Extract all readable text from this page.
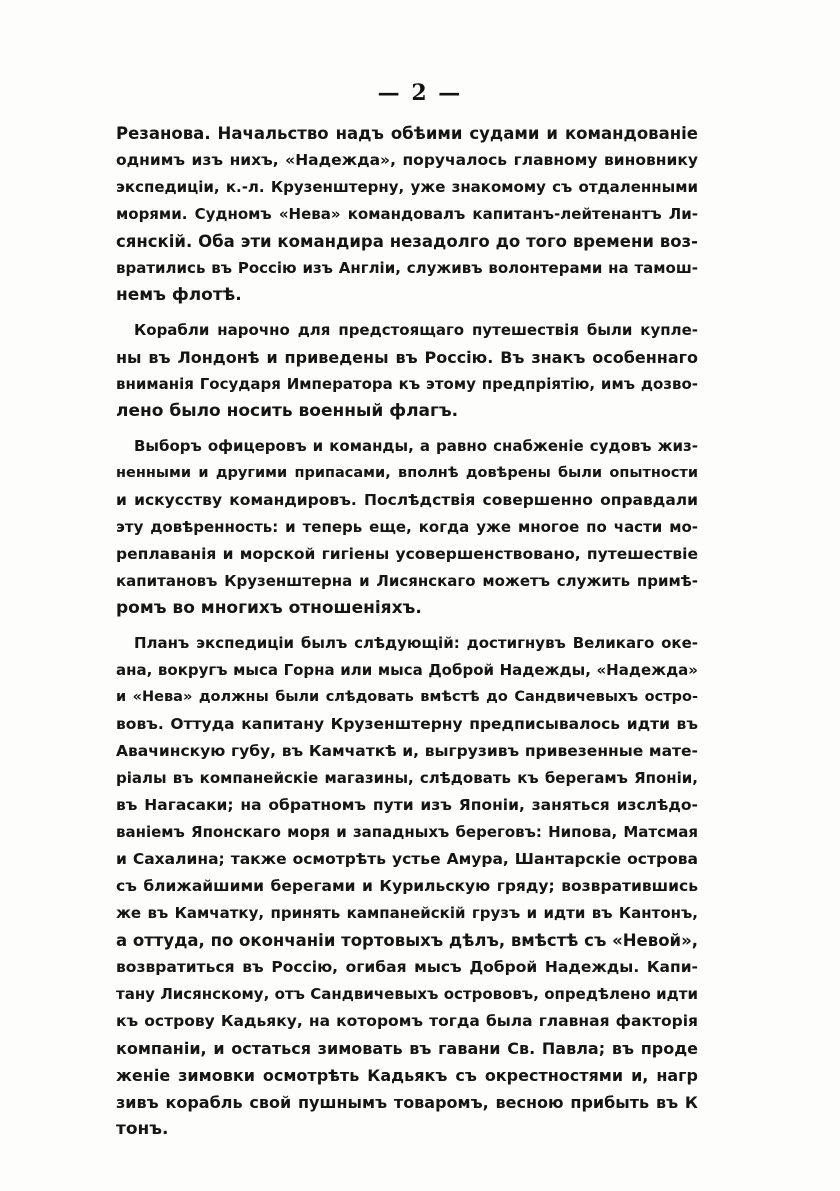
— 2 —
Резанова. Начальство надъ обѣими судами и командованіе
однимъ изъ нихъ, «Надежда», поручалось главному виновнику
экспедиціи, к.-л. Крузенштерну, уже знакомому съ отдаленными
морями. Судномъ «Нева» командовалъ капитанъ-лейтенантъ Ли-
сянскій. Оба эти командира незадолго до того времени воз-
вратились въ Россію изъ Англіи, служивъ волонтерами на тамош-
немъ флотѣ.
Корабли нарочно для предстоящаго путешествія были купле-
ны въ Лондонѣ и приведены въ Россію. Въ знакъ особеннаго
вниманія Государя Императора къ этому предпріятію, имъ дозво-
лено было носить военный флагъ.
Выборъ офицеровъ и команды, а равно снабженіе судовъ жиз-
ненными и другими припасами, вполнѣ довѣрены были опытности
и искусству командировъ. Послѣдствія совершенно оправдали
эту довѣренность: и теперь еще, когда уже многое по части мо-
реплаванія и морской гигіены усовершенствовано, путешествіе
капитановъ Крузенштерна и Лисянскаго можетъ служить примѣ-
ромъ во многихъ отношеніяхъ.
Планъ экспедиціи былъ слѣдующій: достигнувъ Великаго оке-
ана, вокругъ мыса Горна или мыса Доброй Надежды, «Надежда»
и «Нева» должны были слѣдовать вмѣстѣ до Сандвичевыхъ остро-
вовъ. Оттуда капитану Крузенштерну предписывалось идти въ
Авачинскую губу, въ Камчаткѣ и, выгрузивъ привезенные мате-
ріалы въ компанейскіе магазины, слѣдовать къ берегамъ Японіи,
въ Нагасаки; на обратномъ пути изъ Японіи, заняться изслѣдо-
ваніемъ Японскаго моря и западныхъ береговъ: Нипова, Матсмая
и Сахалина; также осмотрѣть устье Амура, Шантарскіе острова
съ ближайшими берегами и Курильскую гряду; возвратившись
же въ Камчатку, принять кампанейскій грузъ и идти въ Кантонъ,
а оттуда, по окончаніи тортовыхъ дѣлъ, вмѣстѣ съ «Невой»,
возвратиться въ Россію, огибая мысъ Доброй Надежды. Капи-
тану Лисянскому, отъ Сандвичевыхъ острововъ, опредѣлено идти
къ острову Кадьяку, на которомъ тогда была главная факторія
компаніи, и остаться зимовать въ гавани Св. Павла; въ проде
женіе зимовки осмотрѣть Кадьякъ съ окрестностями и, нагр
зивъ корабль свой пушнымъ товаромъ, весною прибыть въ К
тонъ.
